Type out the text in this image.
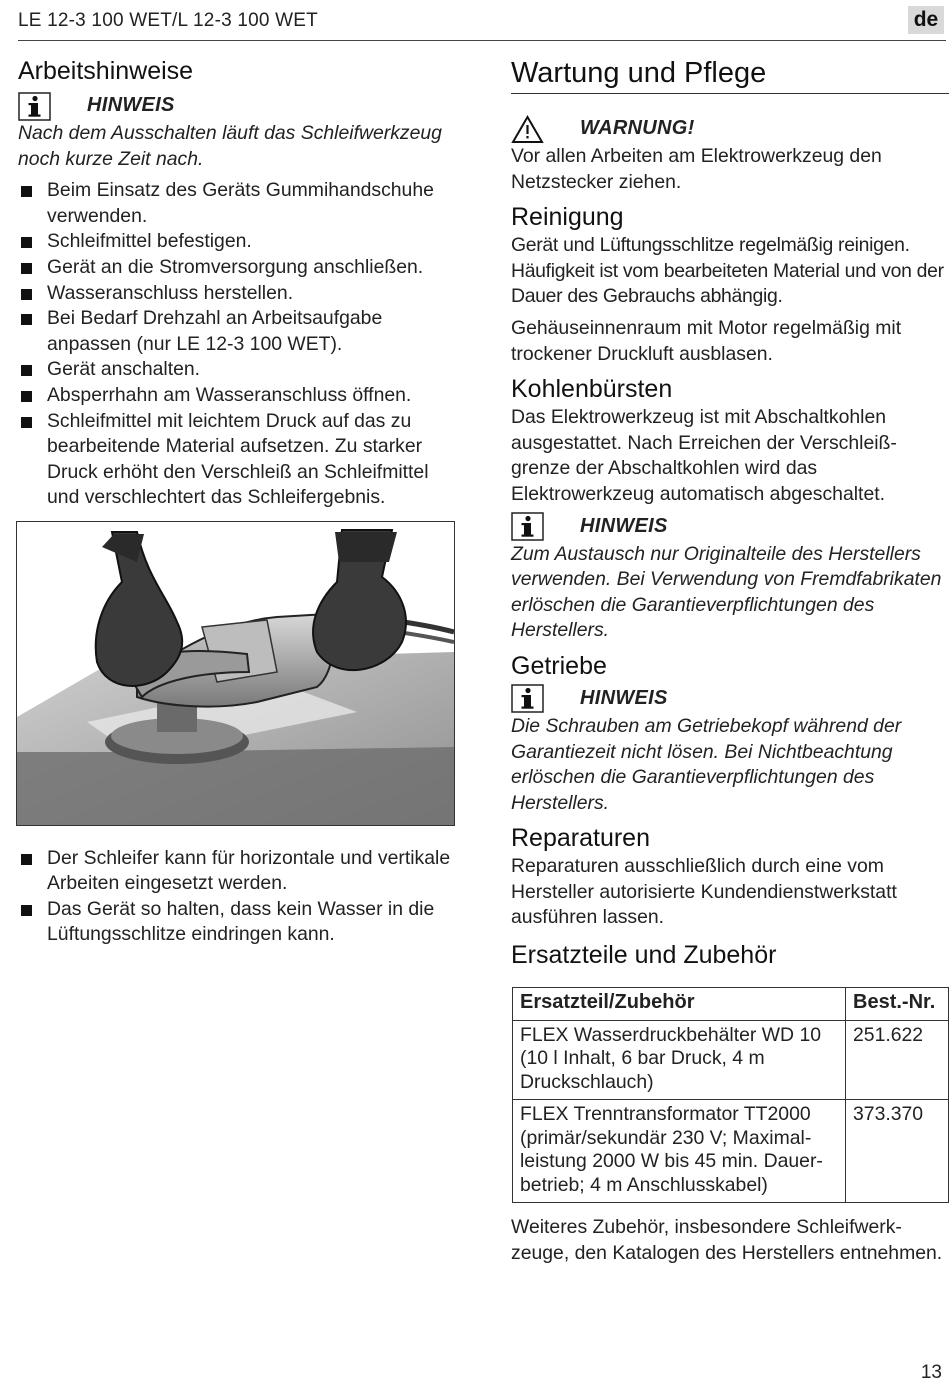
LE 12-3 100 WET/L 12-3 100 WET	de
Arbeitshinweise
HINWEIS

Nach dem Ausschalten läuft das Schleifwerkzeug noch kurze Zeit nach.

Beim Einsatz des Geräts Gummihandschuhe verwenden.
Schleifmittel befestigen.
Gerät an die Stromversorgung anschließen.
Wasseranschluss herstellen.
Bei Bedarf Drehzahl an Arbeitsaufgabe anpassen (nur LE 12-3 100 WET).
Gerät anschalten.
Absperrhahn am Wasseranschluss öffnen.
Schleifmittel mit leichtem Druck auf das zu bearbeitende Material aufsetzen. Zu starker Druck erhöht den Verschleiß an Schleifmittel und verschlechtert das Schleifergebnis.
Der Schleifer kann für horizontale und vertikale Arbeiten eingesetzt werden.
Das Gerät so halten, dass kein Wasser in die Lüftungsschlitze eindringen kann.
Wartung und Pflege
WARNUNG!

Vor allen Arbeiten am Elektrowerkzeug den Netzstecker ziehen.

Reinigung

Gerät und Lüftungsschlitze regelmäßig reinigen. Häufigkeit ist vom bearbeiteten Material und von der Dauer des Gebrauchs abhängig.

Gehäuseinnenraum mit Motor regelmäßig mit trockener Druckluft ausblasen.

Kohlenbürsten

Das Elektrowerkzeug ist mit Abschaltkohlen ausgestattet. Nach Erreichen der Verschleiß-grenze der Abschaltkohlen wird das Elektrowerkzeug automatisch abgeschaltet.

HINWEIS

Zum Austausch nur Originalteile des Herstellers verwenden. Bei Verwendung von Fremdfabrikaten erlöschen die Garantieverpflichtungen des Herstellers.

Getriebe
HINWEIS

Die Schrauben am Getriebekopf während der Garantiezeit nicht lösen. Bei Nichtbeachtung erlöschen die Garantieverpflichtungen des Herstellers.

Reparaturen

Reparaturen ausschließlich durch eine vom Hersteller autorisierte Kundendienstwerkstatt ausführen lassen.

Ersatzteile und Zubehör
Ersatzteil/Zubehör	Best.-Nr.
FLEX Wasserdruckbehälter WD 10 (10 l Inhalt, 6 bar Druck, 4 m Druckschlauch)	251.622
FLEX Trenntransformator TT2000 (primär/sekundär 230 V; Maximal-leistung 2000 W bis 45 min. Dauer-betrieb; 4 m Anschlusskabel)	373.370

Weiteres Zubehör, insbesondere Schleifwerk-zeuge, den Katalogen des Herstellers entnehmen.

13
